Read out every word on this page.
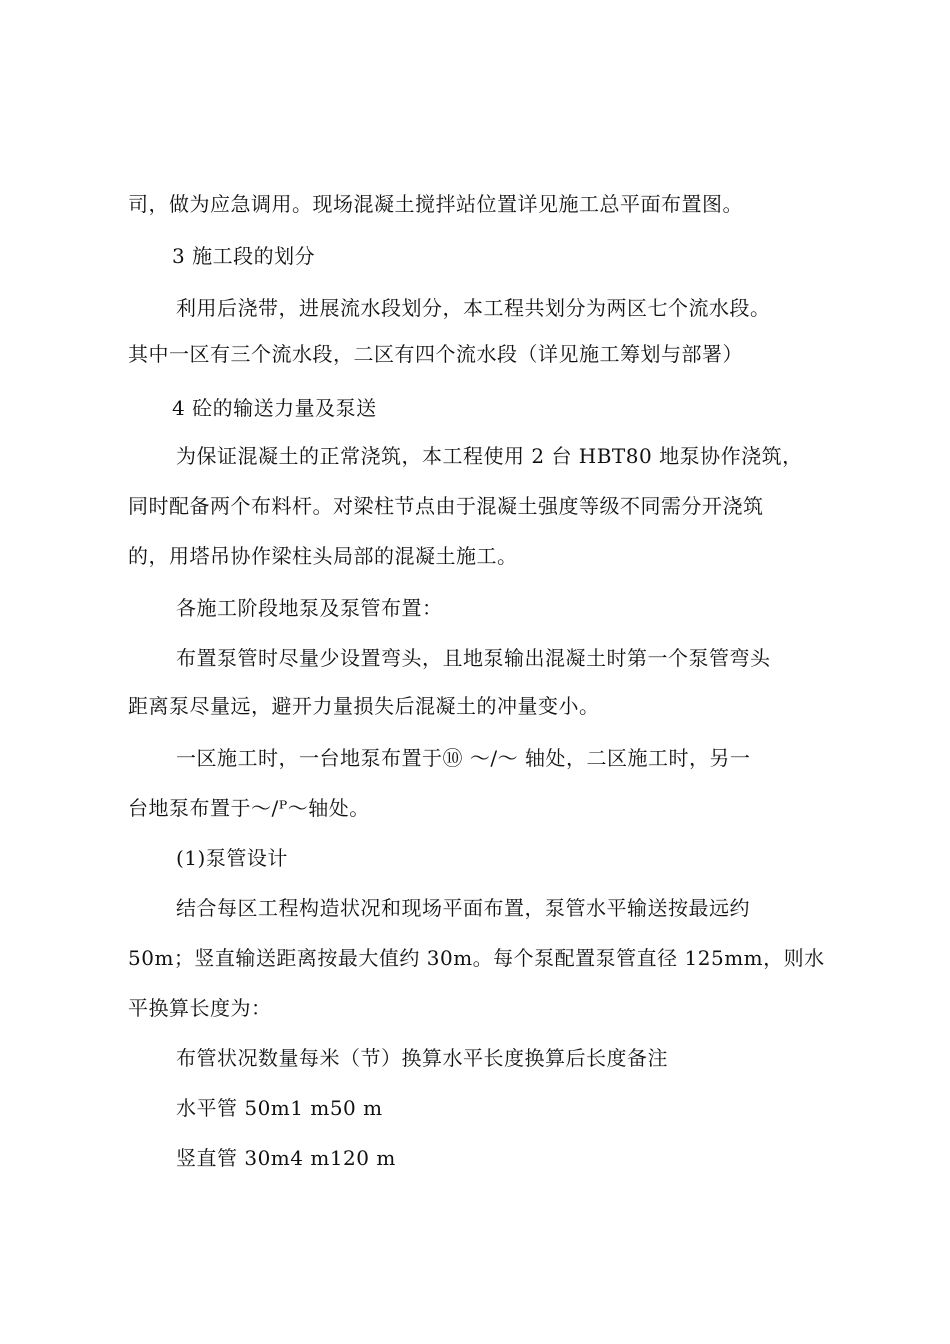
司，做为应急调用。现场混凝土搅拌站位置详见施工总平面布置图。
3 施工段的划分
利用后浇带，进展流水段划分，本工程共划分为两区七个流水段。
其中一区有三个流水段，二区有四个流水段（详见施工筹划与部署）
4 砼的输送力量及泵送
为保证混凝土的正常浇筑，本工程使用 2 台 HBT80 地泵协作浇筑，
同时配备两个布料杆。对梁柱节点由于混凝土强度等级不同需分开浇筑
的，用塔吊协作梁柱头局部的混凝土施工。
各施工阶段地泵及泵管布置：
布置泵管时尽量少设置弯头，且地泵输出混凝土时第一个泵管弯头
距离泵尽量远，避开力量损失后混凝土的冲量变小。
一区施工时，一台地泵布置于⑩ ～/～ 轴处，二区施工时，另一
台地泵布置于～/ᴾ～轴处。
(1)泵管设计
结合每区工程构造状况和现场平面布置，泵管水平输送按最远约
50m；竖直输送距离按最大值约 30m。每个泵配置泵管直径 125mm，则水
平换算长度为：
布管状况数量每米（节）换算水平长度换算后长度备注
水平管 50m1 m50 m
竖直管 30m4 m120 m
